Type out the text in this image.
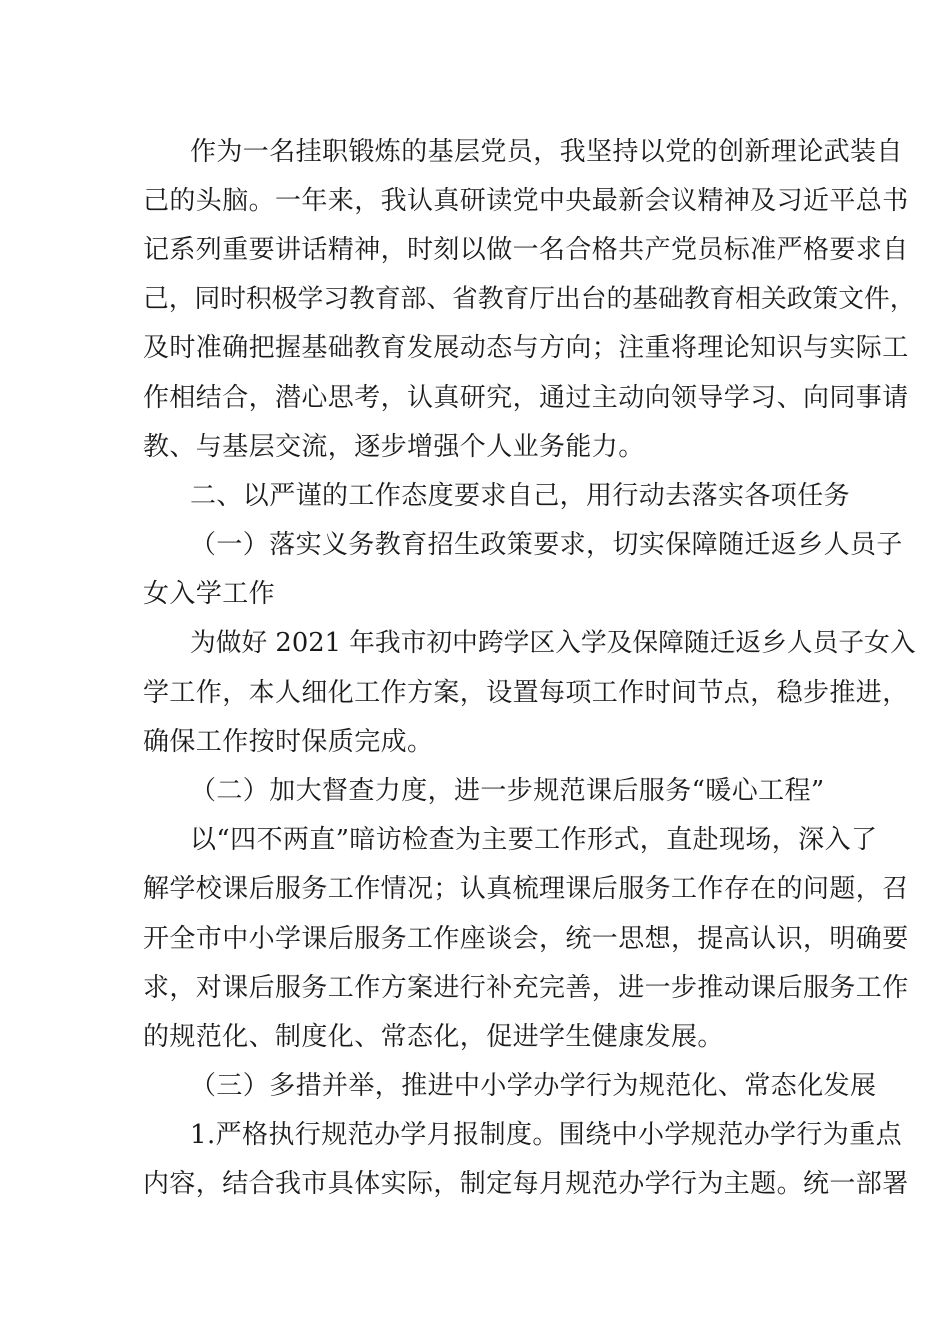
作为一名挂职锻炼的基层党员，我坚持以党的创新理论武装自

己的头脑。一年来，我认真研读党中央最新会议精神及习近平总书

记系列重要讲话精神，时刻以做一名合格共产党员标准严格要求自

己，同时积极学习教育部、省教育厅出台的基础教育相关政策文件，

及时准确把握基础教育发展动态与方向；注重将理论知识与实际工

作相结合，潜心思考，认真研究，通过主动向领导学习、向同事请

教、与基层交流，逐步增强个人业务能力。

二、以严谨的工作态度要求自己，用行动去落实各项任务

（一）落实义务教育招生政策要求，切实保障随迁返乡人员子

女入学工作

为做好 2021 年我市初中跨学区入学及保障随迁返乡人员子女入

学工作，本人细化工作方案，设置每项工作时间节点，稳步推进，

确保工作按时保质完成。

（二）加大督查力度，进一步规范课后服务“暖心工程”

以“四不两直”暗访检查为主要工作形式，直赴现场，深入了

解学校课后服务工作情况；认真梳理课后服务工作存在的问题，召

开全市中小学课后服务工作座谈会，统一思想，提高认识，明确要

求，对课后服务工作方案进行补充完善，进一步推动课后服务工作

的规范化、制度化、常态化，促进学生健康发展。

（三）多措并举，推进中小学办学行为规范化、常态化发展

1.严格执行规范办学月报制度。围绕中小学规范办学行为重点

内容，结合我市具体实际，制定每月规范办学行为主题。统一部署
